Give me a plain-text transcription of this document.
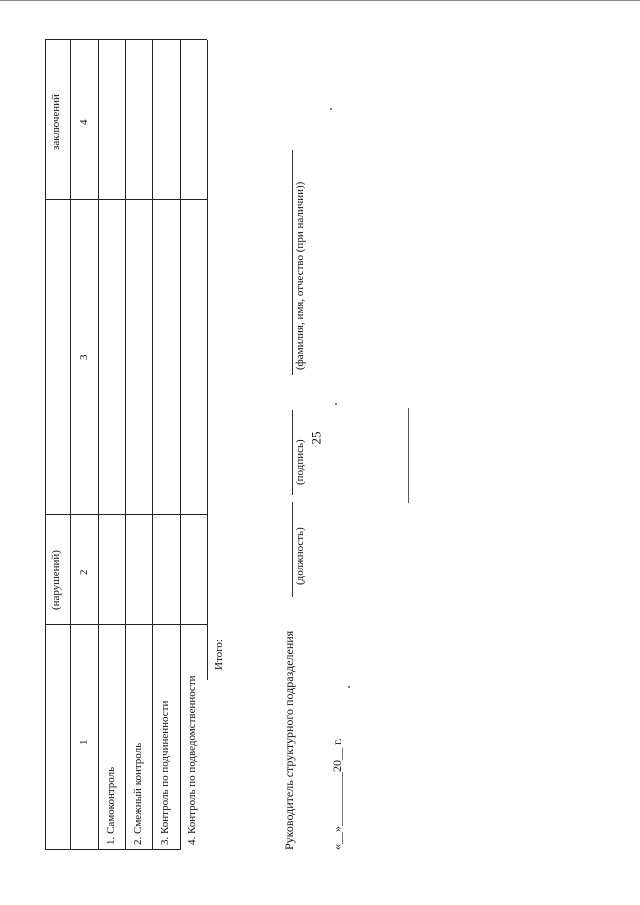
25
(нарушений)
заключений
1
2
3
4
1. Самоконтроль 2. Смежный контроль 3. Контроль по подчиненности 4. Контроль по подведомственности
Итого:	Руководитель структурного подразделения
(должность)
(подпись)
(фамилия, имя, отчество (при наличии))
«__»_________20__ г.
